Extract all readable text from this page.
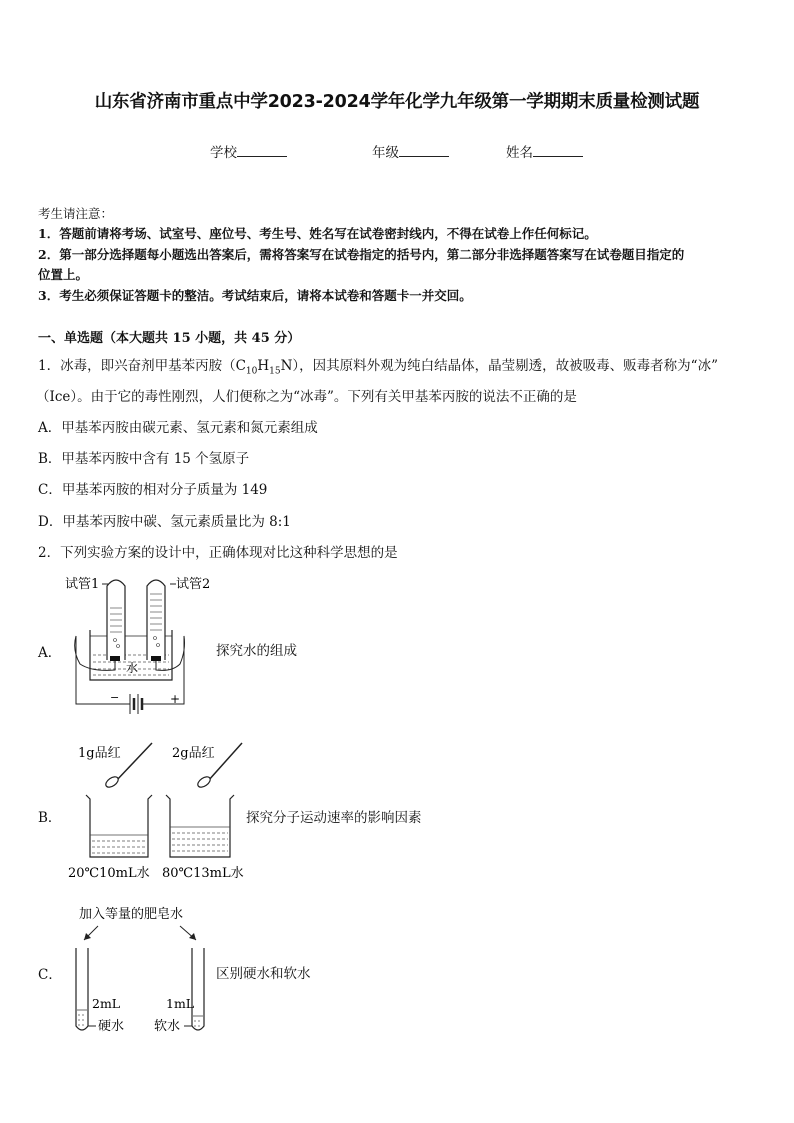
山东省济南市重点中学2023-2024学年化学九年级第一学期期末质量检测试题
学校	年级	姓名
考生请注意：
1．答题前请将考场、试室号、座位号、考生号、姓名写在试卷密封线内，不得在试卷上作任何标记。
2．第一部分选择题每小题选出答案后，需将答案写在试卷指定的括号内，第二部分非选择题答案写在试卷题目指定的
位置上。
3．考生必须保证答题卡的整洁。考试结束后，请将本试卷和答题卡一并交回。
一、单选题（本大题共 15 小题，共 45 分）
1．冰毒，即兴奋剂甲基苯丙胺$(C_{10}H_{15}N)$，因其原料外观为纯白结晶体，晶莹剔透，故被吸毒、贩毒者称为“冰”
（Ice）。由于它的毒性刚烈，人们便称之为“冰毒”。下列有关甲基苯丙胺的说法不正确的是
A．甲基苯丙胺由碳元素、氢元素和氮元素组成
B．甲基苯丙胺中含有 15 个氢原子
C．甲基苯丙胺的相对分子质量为 149
D．甲基苯丙胺中碳、氢元素质量比为 8:1
2．下列实验方案的设计中，正确体现对比这种科学思想的是
A．	探究水的组成
试管1	试管2
水
−	+
B．	探究分子运动速率的影响因素
1g品红	2g品红
20℃10mL水 80℃13mL水
C．	区别硬水和软水
加入等量的肥皂水
2mL
硬水
1mL
软水
